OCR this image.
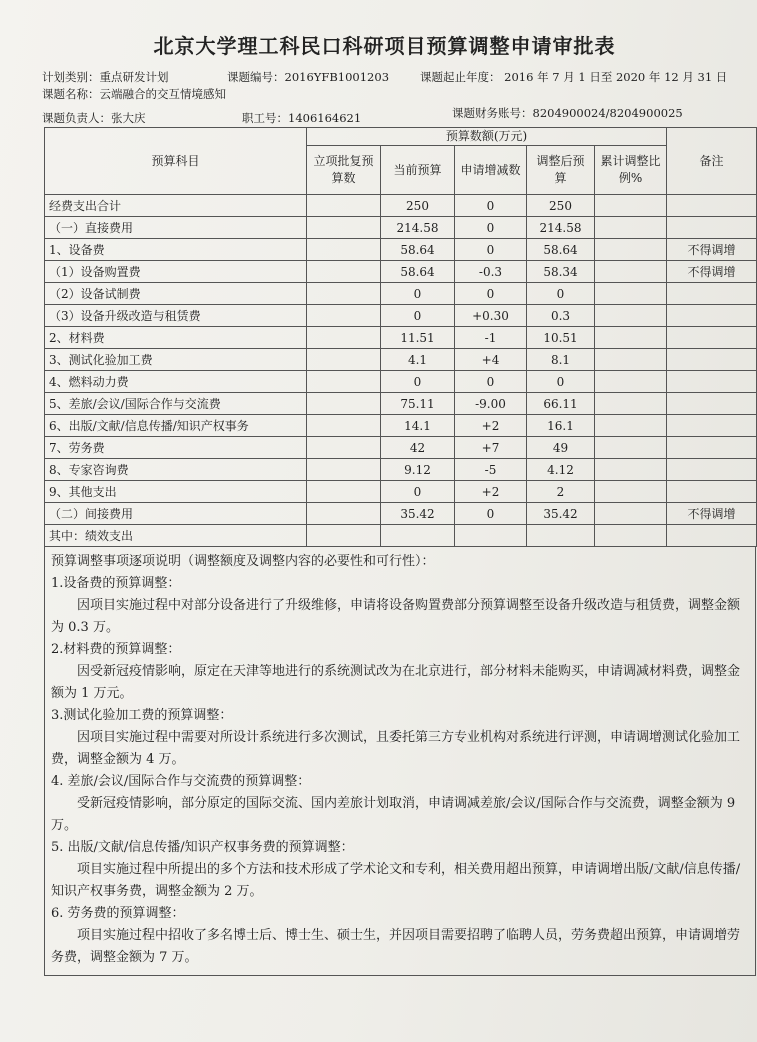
北京大学理工科民口科研项目预算调整申请审批表
计划类别：重点研发计划	课题编号：2016YFB1001203	课题起止年度： 2016 年 7 月 1 日至 2020 年 12 月 31 日
课题名称：云端融合的交互情境感知
课题负责人：张大庆	职工号：1406164621	课题财务账号：8204900024/8204900025
预算科目	预算数额(万元)					备注
	立项批复预算数	当前预算	申请增减数	调整后预算	累计调整比例%	
经费支出合计		250	0	250		
（一）直接费用		214.58	0	214.58		
1、设备费		58.64	0	58.64		不得调增
（1）设备购置费		58.64	-0.3	58.34		不得调增
（2）设备试制费		0	0	0		
（3）设备升级改造与租赁费		0	+0.30	0.3		
2、材料费		11.51	-1	10.51		
3、测试化验加工费		4.1	+4	8.1		
4、燃料动力费		0	0	0		
5、差旅/会议/国际合作与交流费		75.11	-9.00	66.11		
6、出版/文献/信息传播/知识产权事务		14.1	+2	16.1		
7、劳务费		42	+7	49		
8、专家咨询费		9.12	-5	4.12		
9、其他支出		0	+2	2		
（二）间接费用		35.42	0	35.42		不得调增
其中：绩效支出						

预算调整事项逐项说明（调整额度及调整内容的必要性和可行性）：

1.设备费的预算调整：

因项目实施过程中对部分设备进行了升级维修，申请将设备购置费部分预算调整至设备升级改造与租赁费，调整金额为 0.3 万。

2.材料费的预算调整：

因受新冠疫情影响，原定在天津等地进行的系统测试改为在北京进行，部分材料未能购买，申请调减材料费，调整金额为 1 万元。

3.测试化验加工费的预算调整：

因项目实施过程中需要对所设计系统进行多次测试，且委托第三方专业机构对系统进行评测，申请调增测试化验加工费，调整金额为 4 万。

4. 差旅/会议/国际合作与交流费的预算调整：

受新冠疫情影响，部分原定的国际交流、国内差旅计划取消，申请调减差旅/会议/国际合作与交流费，调整金额为 9 万。

5. 出版/文献/信息传播/知识产权事务费的预算调整：

项目实施过程中所提出的多个方法和技术形成了学术论文和专利，相关费用超出预算，申请调增出版/文献/信息传播/知识产权事务费，调整金额为 2 万。

6. 劳务费的预算调整：

项目实施过程中招收了多名博士后、博士生、硕士生，并因项目需要招聘了临聘人员，劳务费超出预算，申请调增劳务费，调整金额为 7 万。
